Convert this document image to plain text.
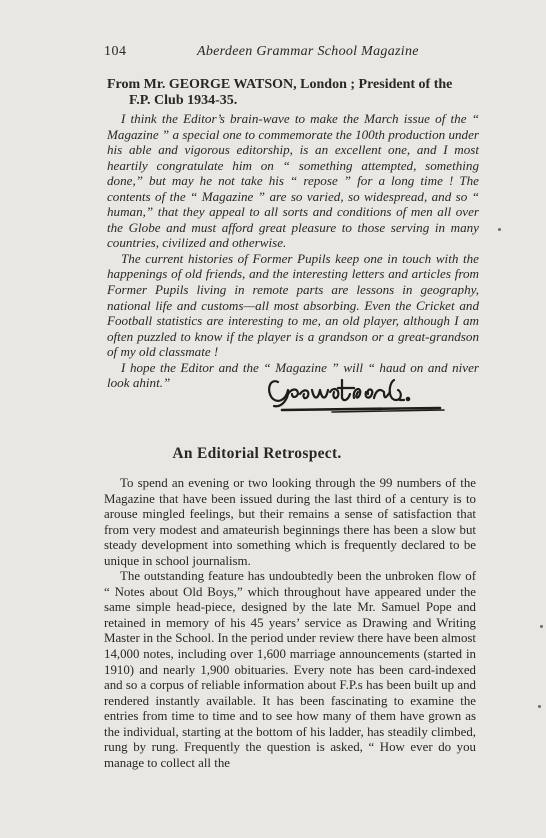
104	Aberdeen Grammar School Magazine
From Mr. GEORGE WATSON, London ; President of the
F.P. Club 1934-35.

I think the Editor’s brain-wave to make the March issue of the “ Magazine ” a special one to commemorate the 100th production under his able and vigorous editorship, is an excellent one, and I most heartily congratulate him on “ something attempted, something done,” but may he not take his “ repose ” for a long time ! The contents of the “ Magazine ” are so varied, so widespread, and so “ human,” that they appeal to all sorts and conditions of men all over the Globe and must afford great pleasure to those serving in many countries, civilized and otherwise.

The current histories of Former Pupils keep one in touch with the happenings of old friends, and the interesting letters and articles from Former Pupils living in remote parts are lessons in geography, national life and customs—all most absorbing. Even the Cricket and Football statistics are interesting to me, an old player, although I am often puzzled to know if the player is a grandson or a great-grandson of my old classmate !

I hope the Editor and the “ Magazine ” will “ haud on and niver look ahint.”

An Editorial Retrospect.

To spend an evening or two looking through the 99 numbers of the Magazine that have been issued during the last third of a century is to arouse mingled feelings, but their remains a sense of satisfaction that from very modest and amateurish beginnings there has been a slow but steady development into something which is frequently declared to be unique in school journalism.

The outstanding feature has undoubtedly been the unbroken flow of “ Notes about Old Boys,” which throughout have appeared under the same simple head-piece, designed by the late Mr. Samuel Pope and retained in memory of his 45 years’ service as Drawing and Writing Master in the School. In the period under review there have been almost 14,000 notes, including over 1,600 marriage announcements (started in 1910) and nearly 1,900 obituaries. Every note has been card-indexed and so a corpus of reliable information about F.P.s has been built up and rendered instantly available. It has been fascinating to examine the entries from time to time and to see how many of them have grown as the individual, starting at the bottom of his ladder, has steadily climbed, rung by rung. Frequently the question is asked, “ How ever do you manage to collect all the
